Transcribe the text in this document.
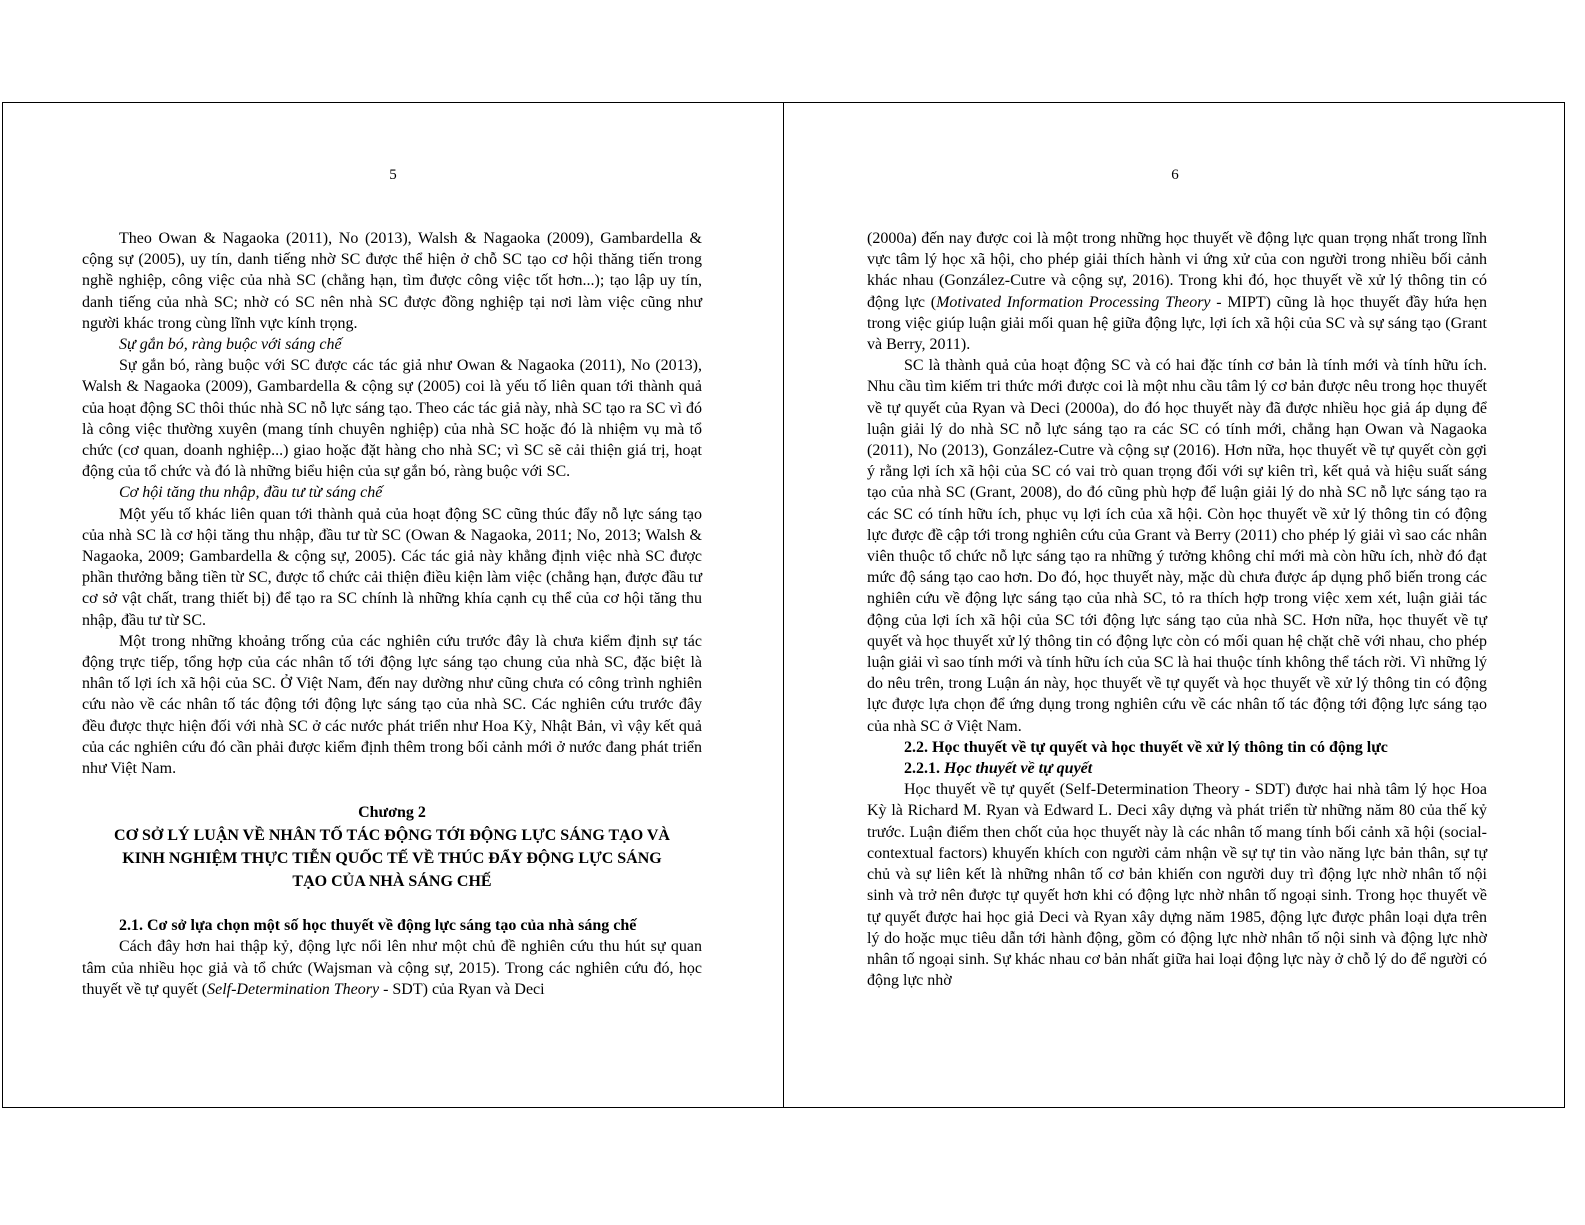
5

Theo Owan & Nagaoka (2011), No (2013), Walsh & Nagaoka (2009), Gambardella & cộng sự (2005), uy tín, danh tiếng nhờ SC được thể hiện ở chỗ SC tạo cơ hội thăng tiến trong nghề nghiệp, công việc của nhà SC (chẳng hạn, tìm được công việc tốt hơn...); tạo lập uy tín, danh tiếng của nhà SC; nhờ có SC nên nhà SC được đồng nghiệp tại nơi làm việc cũng như người khác trong cùng lĩnh vực kính trọng.

Sự gắn bó, ràng buộc với sáng chế

Sự gắn bó, ràng buộc với SC được các tác giả như Owan & Nagaoka (2011), No (2013), Walsh & Nagaoka (2009), Gambardella & cộng sự (2005) coi là yếu tố liên quan tới thành quả của hoạt động SC thôi thúc nhà SC nỗ lực sáng tạo. Theo các tác giả này, nhà SC tạo ra SC vì đó là công việc thường xuyên (mang tính chuyên nghiệp) của nhà SC hoặc đó là nhiệm vụ mà tổ chức (cơ quan, doanh nghiệp...) giao hoặc đặt hàng cho nhà SC; vì SC sẽ cải thiện giá trị, hoạt động của tổ chức và đó là những biểu hiện của sự gắn bó, ràng buộc với SC.

Cơ hội tăng thu nhập, đầu tư từ sáng chế

Một yếu tố khác liên quan tới thành quả của hoạt động SC cũng thúc đẩy nỗ lực sáng tạo của nhà SC là cơ hội tăng thu nhập, đầu tư từ SC (Owan & Nagaoka, 2011; No, 2013; Walsh & Nagaoka, 2009; Gambardella & cộng sự, 2005). Các tác giả này khẳng định việc nhà SC được phần thưởng bằng tiền từ SC, được tổ chức cải thiện điều kiện làm việc (chẳng hạn, được đầu tư cơ sở vật chất, trang thiết bị) để tạo ra SC chính là những khía cạnh cụ thể của cơ hội tăng thu nhập, đầu tư từ SC.

Một trong những khoảng trống của các nghiên cứu trước đây là chưa kiểm định sự tác động trực tiếp, tổng hợp của các nhân tố tới động lực sáng tạo chung của nhà SC, đặc biệt là nhân tố lợi ích xã hội của SC. Ở Việt Nam, đến nay dường như cũng chưa có công trình nghiên cứu nào về các nhân tố tác động tới động lực sáng tạo của nhà SC. Các nghiên cứu trước đây đều được thực hiện đối với nhà SC ở các nước phát triển như Hoa Kỳ, Nhật Bản, vì vậy kết quả của các nghiên cứu đó cần phải được kiểm định thêm trong bối cảnh mới ở nước đang phát triển như Việt Nam.

Chương 2
CƠ SỞ LÝ LUẬN VỀ NHÂN TỐ TÁC ĐỘNG TỚI ĐỘNG LỰC SÁNG TẠO VÀ KINH NGHIỆM THỰC TIỄN QUỐC TẾ VỀ THÚC ĐẨY ĐỘNG LỰC SÁNG TẠO CỦA NHÀ SÁNG CHẾ
2.1. Cơ sở lựa chọn một số học thuyết về động lực sáng tạo của nhà sáng chế

Cách đây hơn hai thập kỷ, động lực nổi lên như một chủ đề nghiên cứu thu hút sự quan tâm của nhiều học giả và tổ chức (Wajsman và cộng sự, 2015). Trong các nghiên cứu đó, học thuyết về tự quyết (Self-Determination Theory - SDT) của Ryan và Deci

6

(2000a) đến nay được coi là một trong những học thuyết về động lực quan trọng nhất trong lĩnh vực tâm lý học xã hội, cho phép giải thích hành vi ứng xử của con người trong nhiều bối cảnh khác nhau (González-Cutre và cộng sự, 2016). Trong khi đó, học thuyết về xử lý thông tin có động lực (Motivated Information Processing Theory - MIPT) cũng là học thuyết đầy hứa hẹn trong việc giúp luận giải mối quan hệ giữa động lực, lợi ích xã hội của SC và sự sáng tạo (Grant và Berry, 2011).

SC là thành quả của hoạt động SC và có hai đặc tính cơ bản là tính mới và tính hữu ích. Nhu cầu tìm kiếm tri thức mới được coi là một nhu cầu tâm lý cơ bản được nêu trong học thuyết về tự quyết của Ryan và Deci (2000a), do đó học thuyết này đã được nhiều học giả áp dụng để luận giải lý do nhà SC nỗ lực sáng tạo ra các SC có tính mới, chẳng hạn Owan và Nagaoka (2011), No (2013), González-Cutre và cộng sự (2016). Hơn nữa, học thuyết về tự quyết còn gợi ý rằng lợi ích xã hội của SC có vai trò quan trọng đối với sự kiên trì, kết quả và hiệu suất sáng tạo của nhà SC (Grant, 2008), do đó cũng phù hợp để luận giải lý do nhà SC nỗ lực sáng tạo ra các SC có tính hữu ích, phục vụ lợi ích của xã hội. Còn học thuyết về xử lý thông tin có động lực được đề cập tới trong nghiên cứu của Grant và Berry (2011) cho phép lý giải vì sao các nhân viên thuộc tổ chức nỗ lực sáng tạo ra những ý tưởng không chỉ mới mà còn hữu ích, nhờ đó đạt mức độ sáng tạo cao hơn. Do đó, học thuyết này, mặc dù chưa được áp dụng phổ biến trong các nghiên cứu về động lực sáng tạo của nhà SC, tỏ ra thích hợp trong việc xem xét, luận giải tác động của lợi ích xã hội của SC tới động lực sáng tạo của nhà SC. Hơn nữa, học thuyết về tự quyết và học thuyết xử lý thông tin có động lực còn có mối quan hệ chặt chẽ với nhau, cho phép luận giải vì sao tính mới và tính hữu ích của SC là hai thuộc tính không thể tách rời. Vì những lý do nêu trên, trong Luận án này, học thuyết về tự quyết và học thuyết về xử lý thông tin có động lực được lựa chọn để ứng dụng trong nghiên cứu về các nhân tố tác động tới động lực sáng tạo của nhà SC ở Việt Nam.

2.2. Học thuyết về tự quyết và học thuyết về xử lý thông tin có động lực

2.2.1. Học thuyết về tự quyết

Học thuyết về tự quyết (Self-Determination Theory - SDT) được hai nhà tâm lý học Hoa Kỳ là Richard M. Ryan và Edward L. Deci xây dựng và phát triển từ những năm 80 của thế kỷ trước. Luận điểm then chốt của học thuyết này là các nhân tố mang tính bối cảnh xã hội (social-contextual factors) khuyến khích con người cảm nhận về sự tự tin vào năng lực bản thân, sự tự chủ và sự liên kết là những nhân tố cơ bản khiến con người duy trì động lực nhờ nhân tố nội sinh và trở nên được tự quyết hơn khi có động lực nhờ nhân tố ngoại sinh. Trong học thuyết về tự quyết được hai học giả Deci và Ryan xây dựng năm 1985, động lực được phân loại dựa trên lý do hoặc mục tiêu dẫn tới hành động, gồm có động lực nhờ nhân tố nội sinh và động lực nhờ nhân tố ngoại sinh. Sự khác nhau cơ bản nhất giữa hai loại động lực này ở chỗ lý do để người có động lực nhờ
